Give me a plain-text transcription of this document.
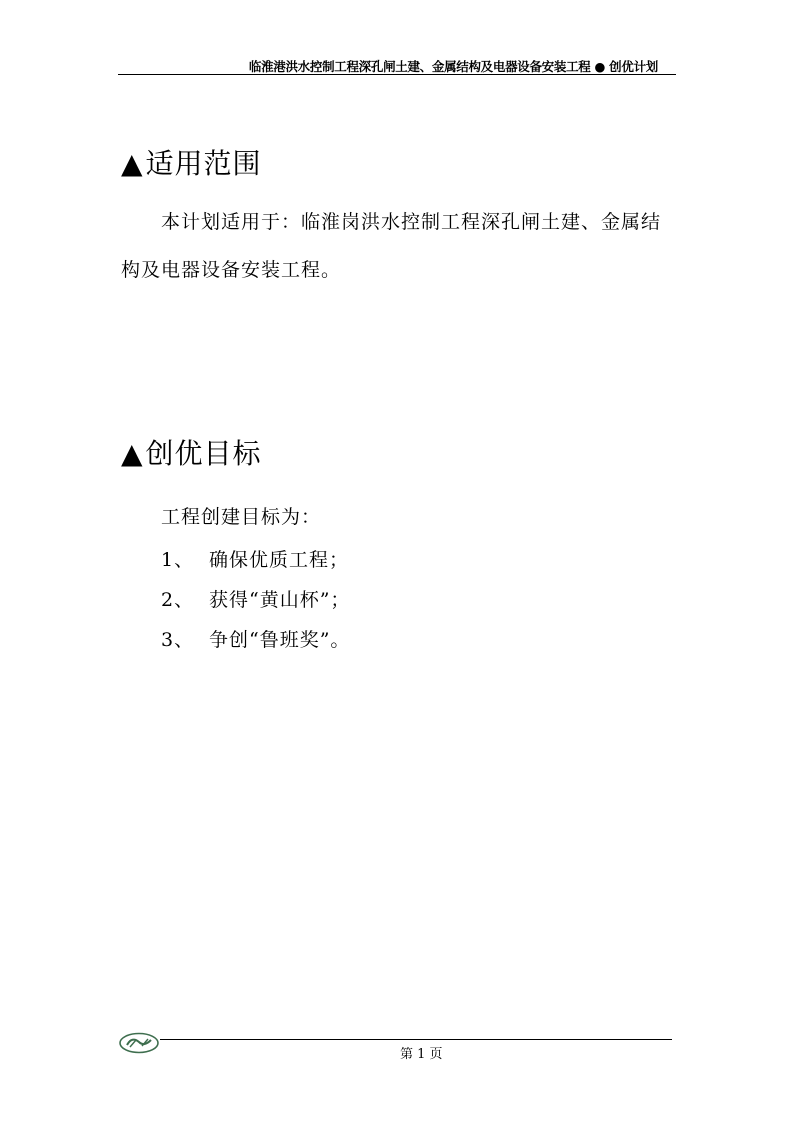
临淮港洪水控制工程深孔闸土建、金属结构及电器设备安装工程 ● 创优计划
▲适用范围

本计划适用于：临淮岗洪水控制工程深孔闸土建、金属结构及电器设备安装工程。

▲创优目标
工程创建目标为：
1、 确保优质工程；
2、 获得“黄山杯”；
3、 争创“鲁班奖”。
第 1 页
